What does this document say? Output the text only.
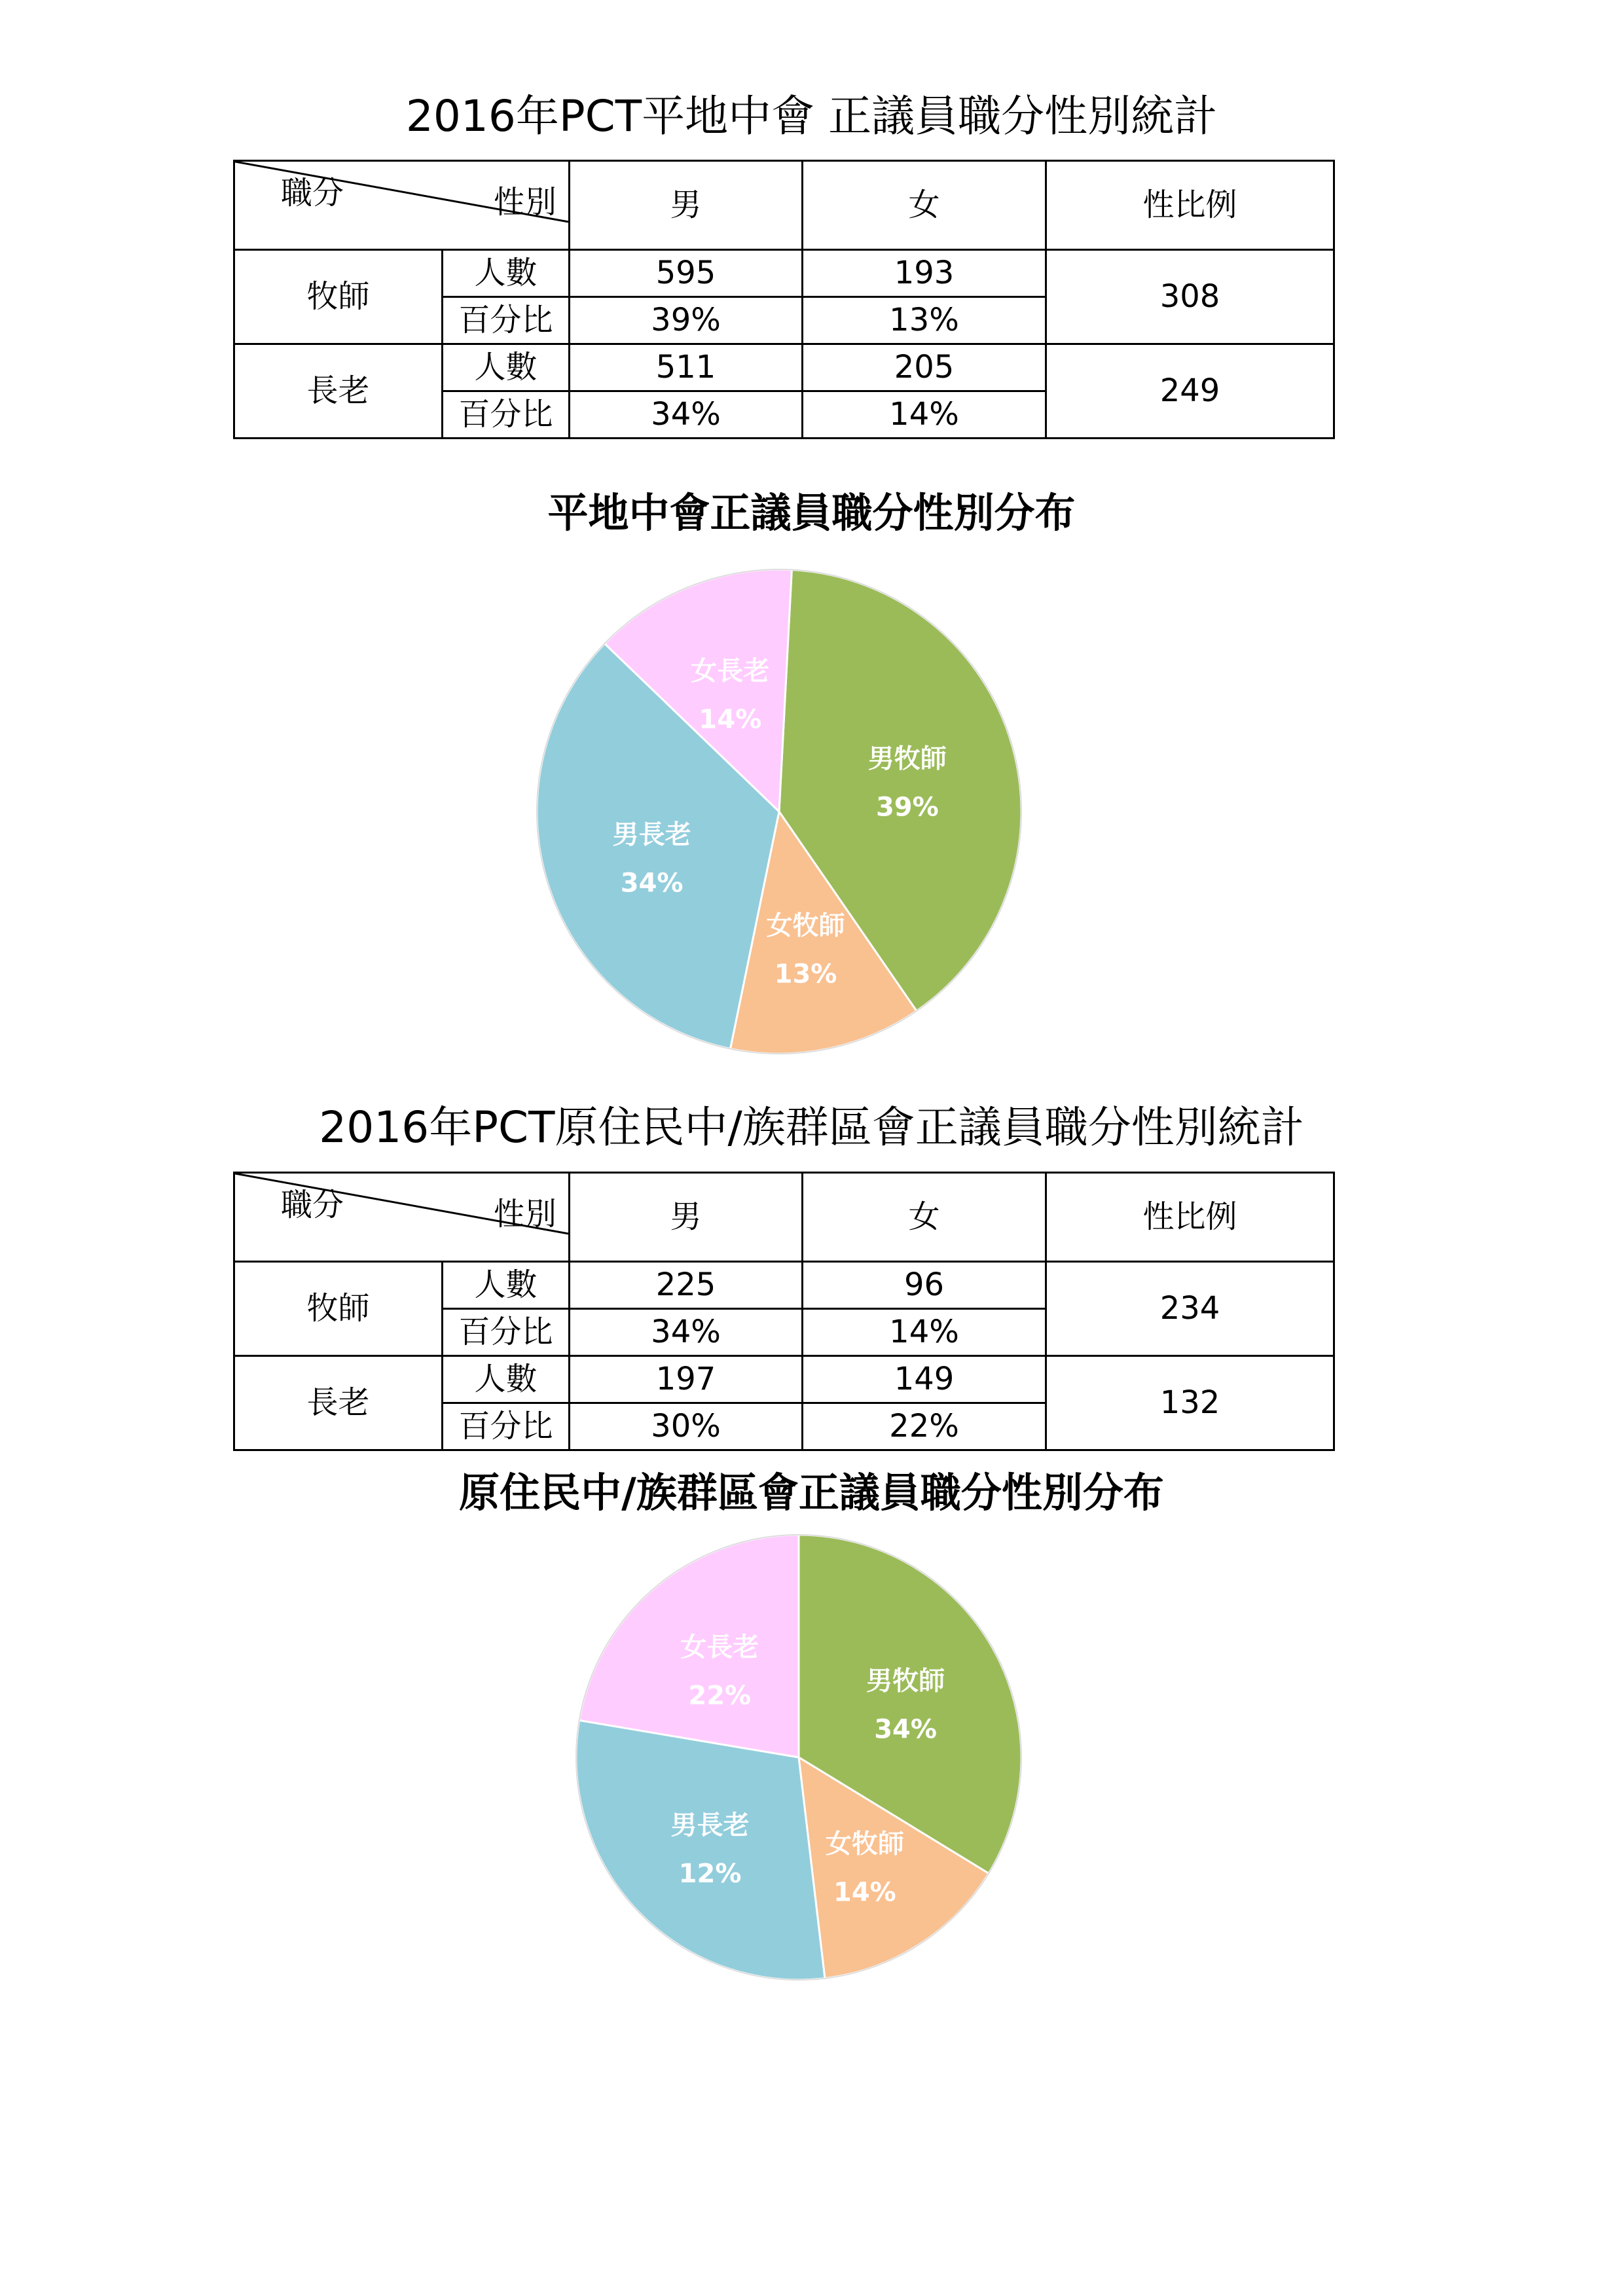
2016年PCT平地中會 正議員職分性別統計
職分 性別		男	女	性比例
牧師	人數	595	193	308
	百分比	39%	13%	
長老	人數	511	205	249
	百分比	34%	14%	
平地中會正議員職分性別分布
男牧師
39%
女牧師
13%
男長老
34%
女長老
14%
2016年PCT原住民中/族群區會正議員職分性別統計
職分 性別		男	女	性比例
牧師	人數	225	96	234
	百分比	34%	14%	
長老	人數	197	149	132
	百分比	30%	22%	
原住民中/族群區會正議員職分性別分布
男牧師
34%
女牧師
14%
男長老
12%
女長老
22%
